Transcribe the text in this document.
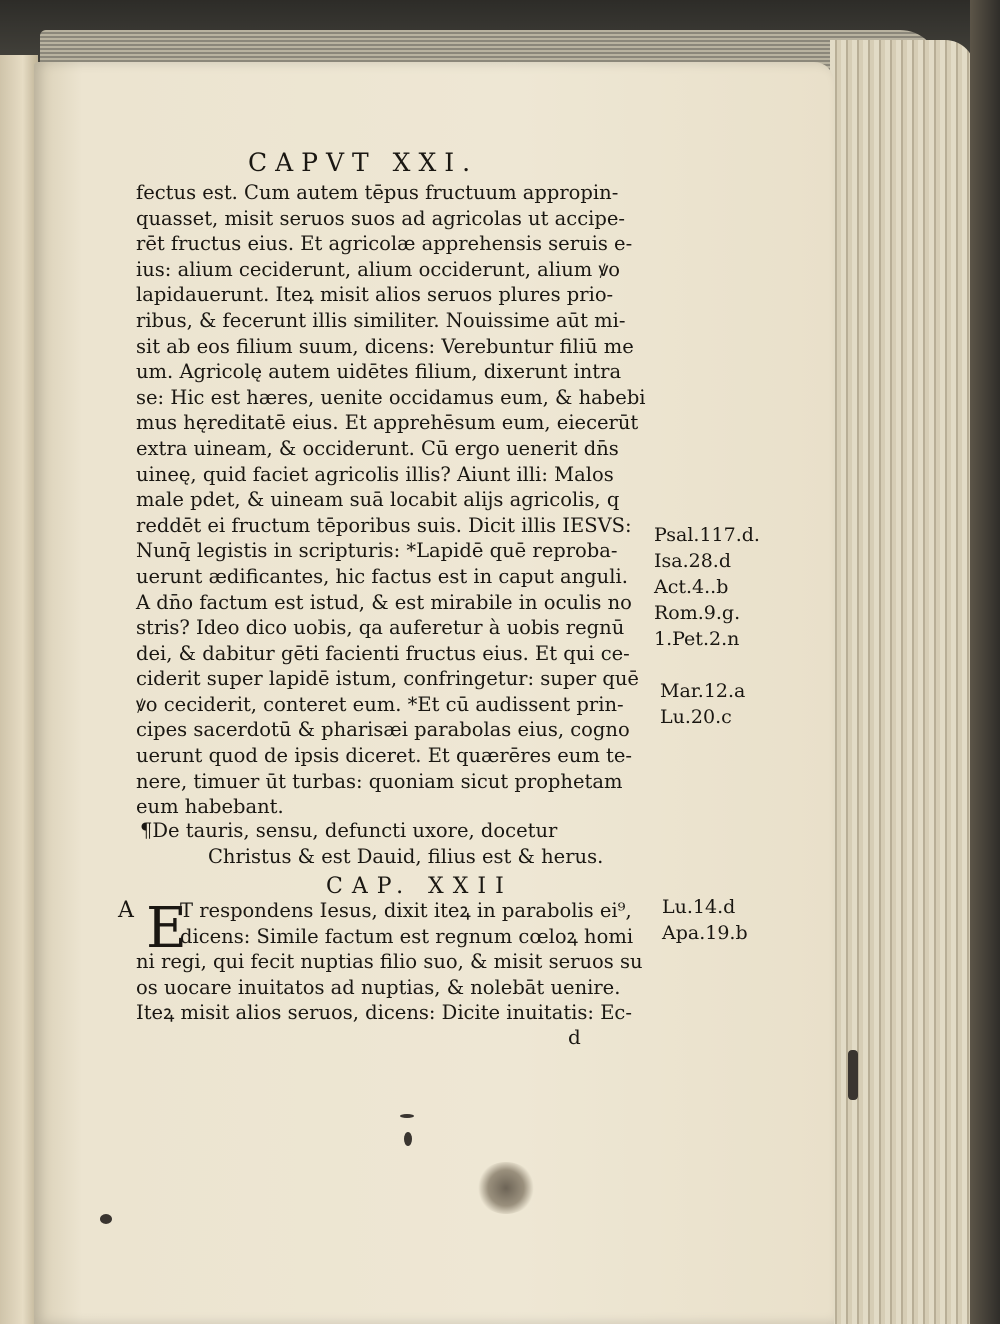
CAPVT XXI.
fectus est. Cum autem tēpus fructuum appropin-
quasset, misit seruos suos ad agricolas ut accipe-
rēt fructus eius. Et agricolæ apprehensis seruis e-
ius: alium ceciderunt, alium occiderunt, alium ꝟo
lapidauerunt. Iteꝝ misit alios seruos plures prio-
ribus, & fecerunt illis similiter. Nouissime aūt mi-
sit ab eos filium suum, dicens: Verebuntur filiū me
um. Agricolę autem uidētes filium, dixerunt intra
se: Hic est hæres, uenite occidamus eum, & habebi
mus hęreditatē eius. Et apprehēsum eum, eiecerūt
extra uineam, & occiderunt. Cū ergo uenerit dn̄s
uineę, quid faciet agricolis illis? Aiunt illi: Malos
male pdet, & uineam suā locabit alijs agricolis, q
reddēt ei fructum tēporibus suis. Dicit illis IESVS:
Nunq̄ legistis in scripturis: *Lapidē quē reproba-
uerunt ædificantes, hic factus est in caput anguli.
A dn̄o factum est istud, & est mirabile in oculis no
stris? Ideo dico uobis, qa auferetur à uobis regnū
dei, & dabitur gēti facienti fructus eius. Et qui ce-
ciderit super lapidē istum, confringetur: super quē
ꝟo ceciderit, conteret eum. *Et cū audissent prin-
cipes sacerdotū & pharisæi parabolas eius, cogno
uerunt quod de ipsis diceret. Et quærēres eum te-
nere, timuer ūt turbas: quoniam sicut prophetam
eum habebant.
¶De tauris, sensu, defuncti uxore, docetur
Christus & est Dauid, filius est & herus.
CAP. XXII
A E
T respondens Iesus, dixit iteꝝ in parabolis ei⁹,
dicens: Simile factum est regnum cœloꝝ homi
ni regi, qui fecit nuptias filio suo, & misit seruos su
os uocare inuitatos ad nuptias, & nolebāt uenire.
Iteꝝ misit alios seruos, dicens: Dicite inuitatis: Ec-
d
Psal.117.d.
Isa.28.d
Act.4..b
Rom.9.g.
1.Pet.2.n
Mar.12.a
Lu.20.c
Lu.14.d
Apa.19.b
